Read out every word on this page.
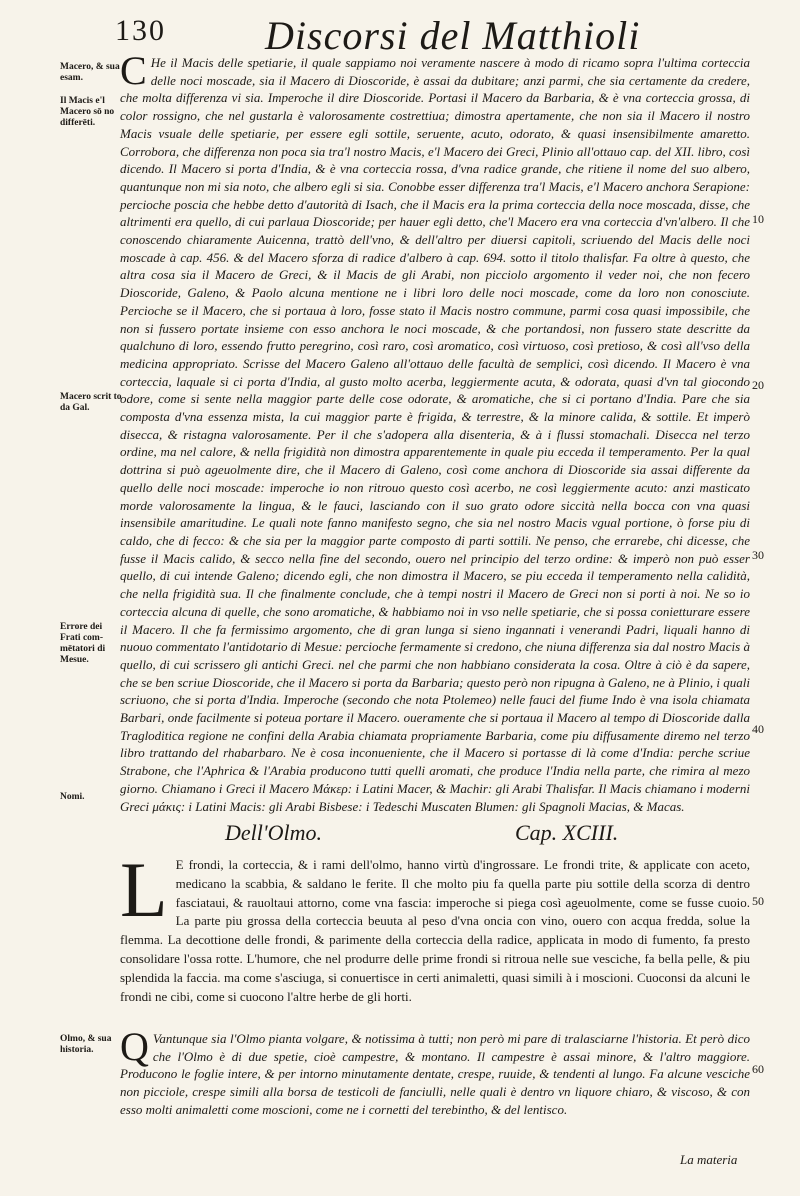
130 Discorsi del Matthioli
Macero, & sua esam.
Il Macis e'l Macero sō no differēti.
Macero scrit to da Gal.
Errore dei Frati com- mētatori di Mesue.
Nomi.
Olmo, & sua historia.
10
20
30
40
50
60
C He il Macis delle spetiarie, il quale sappiamo noi veramente nascere à modo di ricamo sopra l'ultima corteccia delle noci moscade, sia il Macero di Dioscoride, è assai da dubitare; anzi parmi, che sia certamente da credere, che molta differenza vi sia. Imperoche il dire Dioscoride. Portasi il Macero da Barbaria, & è vna corteccia grossa, di color rossigno, che nel gustarla è valorosamente costrettiua; dimostra apertamente, che non sia il Macero il nostro Macis vsuale delle spetiarie, per essere egli sottile, seruente, acuto, odorato, & quasi insensibilmente amaretto. Corrobora, che differenza non poca sia tra'l nostro Macis, e'l Macero dei Greci, Plinio all'ottauo cap. del XII. libro, così dicendo. Il Macero si porta d'India, & è vna corteccia rossa, d'vna radice grande, che ritiene il nome del suo albero, quantunque non mi sia noto, che albero egli si sia. Conobbe esser differenza tra'l Macis, e'l Macero anchora Serapione: percioche poscia che hebbe detto d'autorità di Isach, che il Macis era la prima corteccia della noce moscada, disse, che altrimenti era quello, di cui parlaua Dioscoride; per hauer egli detto, che'l Macero era vna corteccia d'vn'albero. Il che conoscendo chiaramente Auicenna, trattò dell'vno, & dell'altro per diuersi capitoli, scriuendo del Macis delle noci moscade à cap. 456. & del Macero sforza di radice d'albero à cap. 694. sotto il titolo thalisfar. Fa oltre à questo, che altra cosa sia il Macero de Greci, & il Macis de gli Arabi, non picciolo argomento il veder noi, che non fecero Dioscoride, Galeno, & Paolo alcuna mentione ne i libri loro delle noci moscade, come da loro non conosciute. Percioche se il Macero, che si portaua à loro, fosse stato il Macis nostro commune, parmi cosa quasi impossibile, che non si fussero portate insieme con esso anchora le noci moscade, & che portandosi, non fussero state descritte da qualchuno di loro, essendo frutto peregrino, così raro, così aromatico, così virtuoso, così pretioso, & così all'vso della medicina appropriato. Scrisse del Macero Galeno all'ottauo delle facultà de semplici, così dicendo. Il Macero è vna corteccia, laquale si ci porta d'India, al gusto molto acerba, leggiermente acuta, & odorata, quasi d'vn tal giocondo odore, come si sente nella maggior parte delle cose odorate, & aromatiche, che si ci portano d'India. Pare che sia composta d'vna essenza mista, la cui maggior parte è frigida, & terrestre, & la minore calida, & sottile. Et imperò disecca, & ristagna valorosamente. Per il che s'adopera alla disenteria, & à i flussi stomachali. Disecca nel terzo ordine, ma nel calore, & nella frigidità non dimostra apparentemente in quale piu ecceda il temperamento. Per la qual dottrina si può ageuolmente dire, che il Macero di Galeno, così come anchora di Dioscoride sia assai differente da quello delle noci moscade: imperoche io non ritrouo questo così acerbo, ne così leggiermente acuto: anzi masticato morde valorosamente la lingua, & le fauci, lasciando con il suo grato odore siccità nella bocca con vna quasi insensibile amaritudine. Le quali note fanno manifesto segno, che sia nel nostro Macis vgual portione, ò forse piu di caldo, che di fecco: & che sia per la maggior parte composto di parti sottili. Ne penso, che errarebe, chi dicesse, che fusse il Macis calido, & secco nella fine del secondo, ouero nel principio del terzo ordine: & imperò non può esser quello, di cui intende Galeno; dicendo egli, che non dimostra il Macero, se piu ecceda il temperamento nella calidità, che nella frigidità sua. Il che finalmente conclude, che à tempi nostri il Macero de Greci non si porti à noi. Ne so io corteccia alcuna di quelle, che sono aromatiche, & habbiamo noi in vso nelle spetiarie, che si possa conietturare essere il Macero. Il che fa fermissimo argomento, che di gran lunga si sieno ingannati i venerandi Padri, liquali hanno di nuouo commentato l'antidotario di Mesue: percioche fermamente si credono, che niuna differenza sia dal nostro Macis à quello, di cui scrissero gli antichi Greci. nel che parmi che non habbiano considerata la cosa. Oltre à ciò è da sapere, che se ben scriue Dioscoride, che il Macero si porta da Barbaria; questo però non ripugna à Galeno, ne à Plinio, i quali scriuono, che si porta d'India. Imperoche (secondo che nota Ptolemeo) nelle fauci del fiume Indo è vna isola chiamata Barbari, onde facilmente si poteua portare il Macero. oueramente che si portaua il Macero al tempo di Dioscoride dalla Tragloditica regione ne confini della Arabia chiamata propriamente Barbaria, come piu diffusamente diremo nel terzo libro trattando del rhabarbaro. Ne è cosa inconueniente, che il Macero si portasse di là come d'India: perche scriue Strabone, che l'Aphrica & l'Arabia producono tutti quelli aromati, che produce l'India nella parte, che rimira al mezo giorno. Chiamano i Greci il Macero Μάκερ: i Latini Macer, & Machir: gli Arabi Thalisfar. Il Macis chiamano i moderni Greci μάκις: i Latini Macis: gli Arabi Bisbese: i Tedeschi Muscaten Blumen: gli Spagnoli Macias, & Macas.
Dell'Olmo.	Cap. XCIII.
L E frondi, la corteccia, & i rami dell'olmo, hanno virtù d'ingrossare. Le frondi trite, & applicate con aceto, medicano la scabbia, & saldano le ferite. Il che molto piu fa quella parte piu sottile della scorza di dentro fasciataui, & rauoltaui attorno, come vna fascia: imperoche si piega così ageuolmente, come se fusse cuoio. La parte piu grossa della corteccia beuuta al peso d'vna oncia con vino, ouero con acqua fredda, solue la flemma. La decottione delle frondi, & parimente della corteccia della radice, applicata in modo di fumento, fa presto consolidare l'ossa rotte. L'humore, che nel produrre delle prime frondi si ritroua nelle sue vesciche, fa bella pelle, & piu splendida la faccia. ma come s'asciuga, si conuertisce in certi animaletti, quasi simili à i moscioni. Cuoconsi da alcuni le frondi ne cibi, come si cuocono l'altre herbe de gli horti.
Q Vantunque sia l'Olmo pianta volgare, & notissima à tutti; non però mi pare di tralasciarne l'historia. Et però dico che l'Olmo è di due spetie, cioè campestre, & montano. Il campestre è assai minore, & l'altro maggiore. Producono le foglie intere, & per intorno minutamente dentate, crespe, ruuide, & tendenti al lungo. Fa alcune vesciche non picciole, crespe simili alla borsa de testicoli de fanciulli, nelle quali è dentro vn liquore chiaro, & viscoso, & con esso molti animaletti come moscioni, come ne i cornetti del terebintho, & del lentisco.
La materia
